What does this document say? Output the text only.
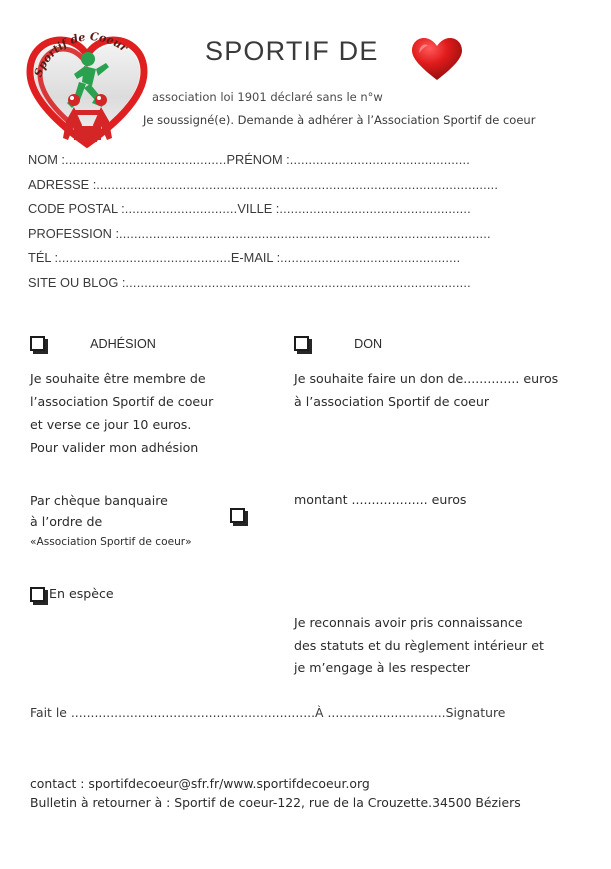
Sportif de Coeur	SPORTIF DE
association loi 1901 déclaré sans le n°w
Je soussigné(e). Demande à adhérer à l’Association Sportif de coeur
NOM :...........................................PRÉNOM :................................................
ADRESSE :...........................................................................................................
CODE POSTAL :..............................VILLE :...................................................
PROFESSION :...................................................................................................
TÉL :..............................................E-MAIL :................................................
SITE OU BLOG :............................................................................................
ADHÉSION
Je souhaite être membre de
l’association Sportif de coeur
et verse ce jour 10 euros.
Pour valider mon adhésion
DON
Je souhaite faire un don de.............. euros
à l’association Sportif de coeur
Par chèque banquaire
à l’ordre de
«Association Sportif de coeur»
En espèce
montant ................... euros
Je reconnais avoir pris connaissance
des statuts et du règlement intérieur et
je m’engage à les respecter
Fait le ..............................................................À ..............................Signature
contact : sportifdecoeur@sfr.fr/www.sportifdecoeur.org
Bulletin à retourner à : Sportif de coeur-122, rue de la Crouzette.34500 Béziers
